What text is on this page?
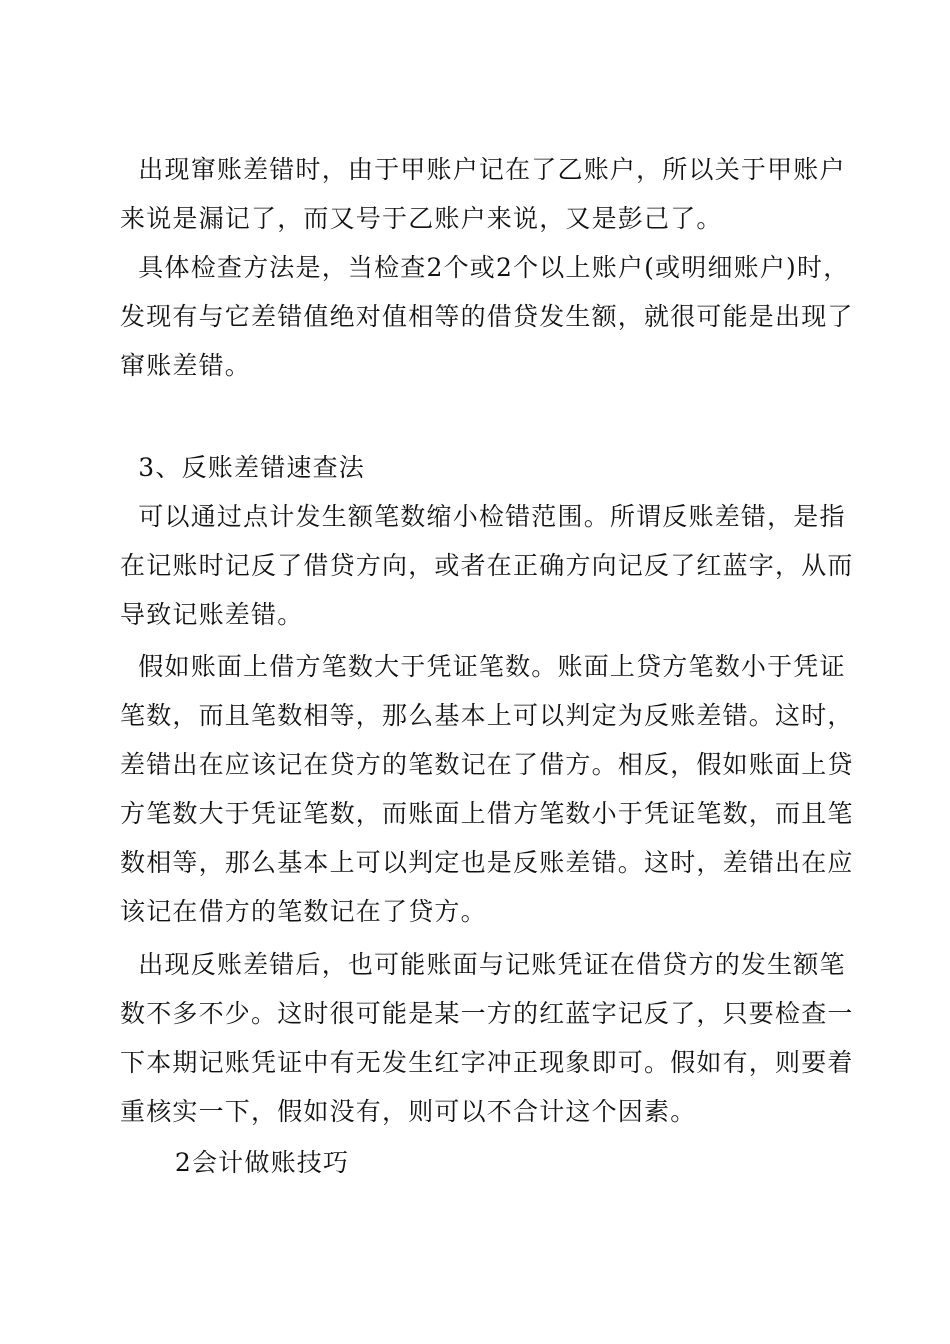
出现窜账差错时，由于甲账户记在了乙账户，所以关于甲账户
来说是漏记了，而又号于乙账户来说，又是彭己了。
具体检查方法是，当检查2个或2个以上账户(或明细账户)时，
发现有与它差错值绝对值相等的借贷发生额，就很可能是出现了
窜账差错。
3、反账差错速查法
可以通过点计发生额笔数缩小检错范围。所谓反账差错，是指
在记账时记反了借贷方向，或者在正确方向记反了红蓝字，从而
导致记账差错。
假如账面上借方笔数大于凭证笔数。账面上贷方笔数小于凭证
笔数，而且笔数相等，那么基本上可以判定为反账差错。这时，
差错出在应该记在贷方的笔数记在了借方。相反，假如账面上贷
方笔数大于凭证笔数，而账面上借方笔数小于凭证笔数，而且笔
数相等，那么基本上可以判定也是反账差错。这时，差错出在应
该记在借方的笔数记在了贷方。
出现反账差错后，也可能账面与记账凭证在借贷方的发生额笔
数不多不少。这时很可能是某一方的红蓝字记反了，只要检查一
下本期记账凭证中有无发生红字冲正现象即可。假如有，则要着
重核实一下，假如没有，则可以不合计这个因素。
2会计做账技巧
